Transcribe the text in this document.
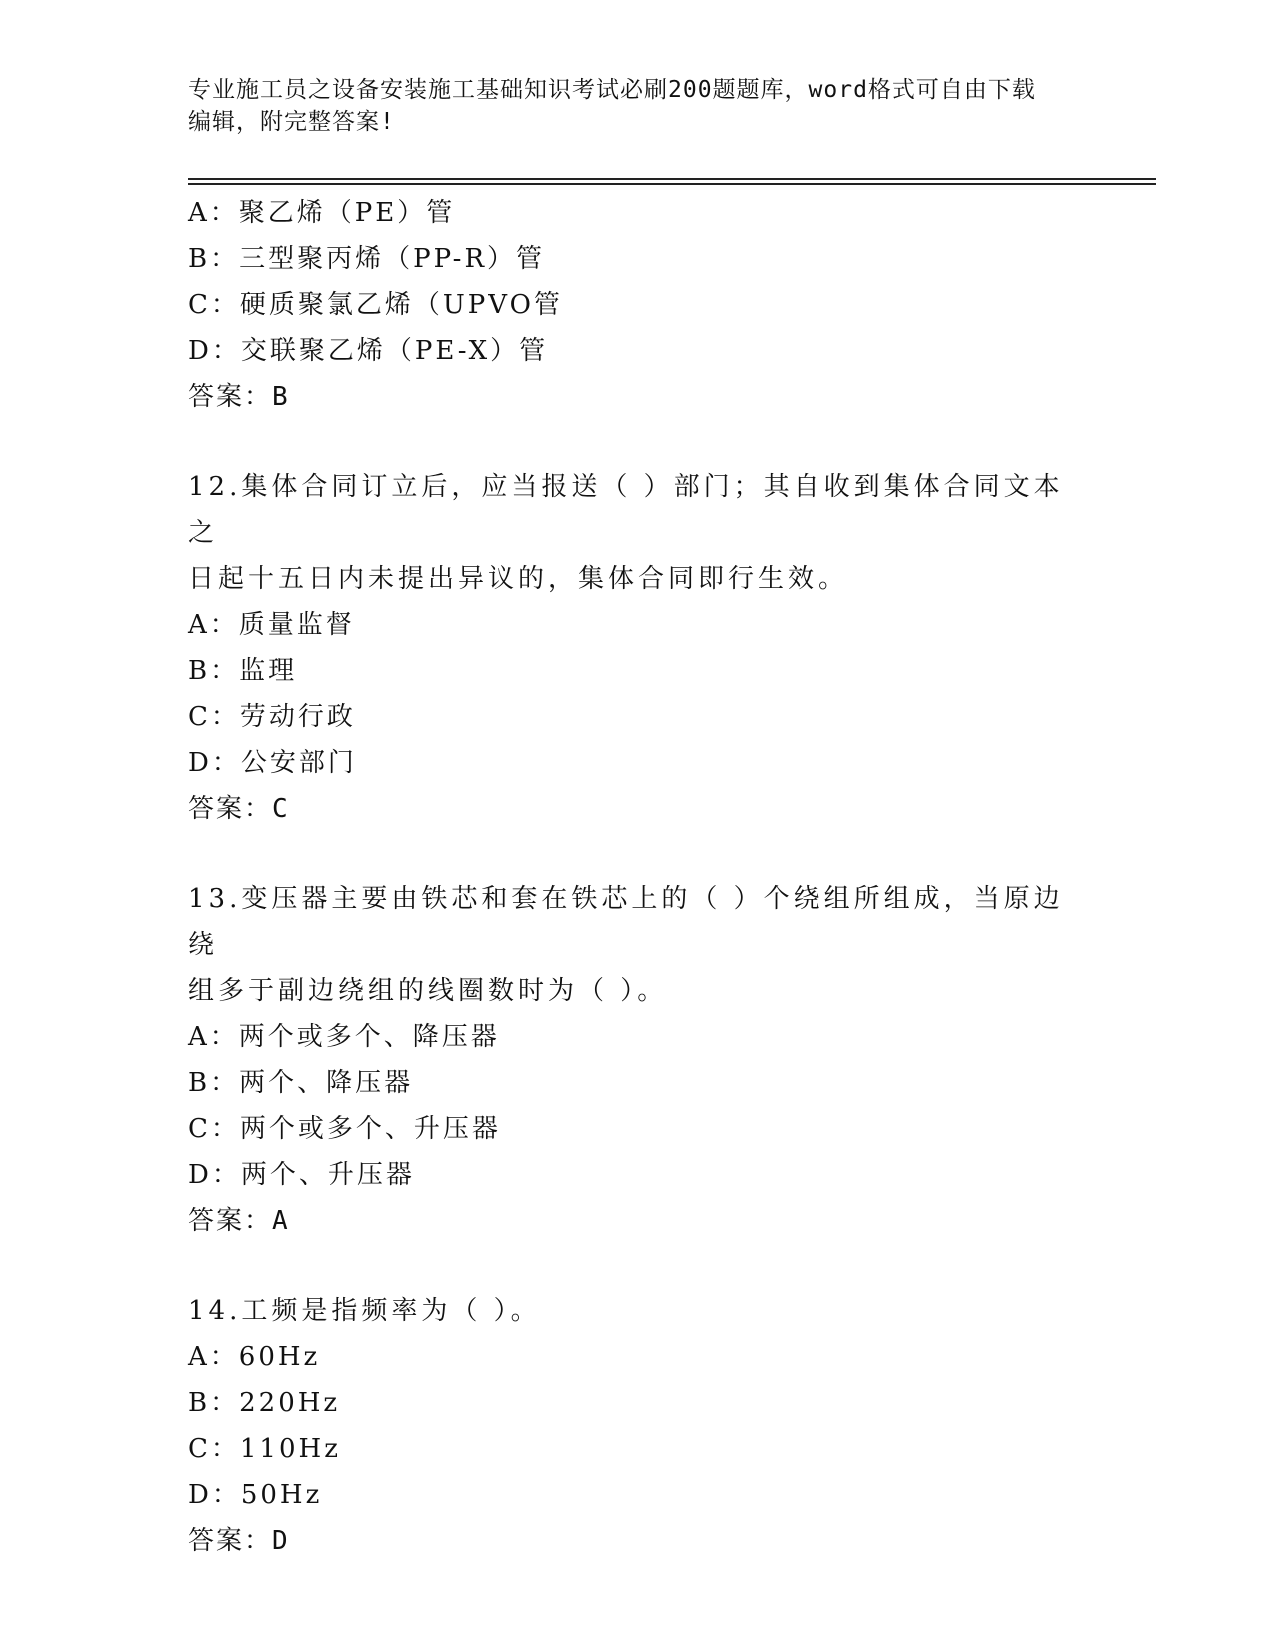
专业施工员之设备安装施工基础知识考试必刷200题题库，word格式可自由下载
编辑，附完整答案!
A：聚乙烯（PE）管
B：三型聚丙烯（PP-R）管
C：硬质聚氯乙烯（UPVO管
D：交联聚乙烯（PE-X）管
答案：B
12.集体合同订立后，应当报送（ ）部门；其自收到集体合同文本之
日起十五日内未提出异议的，集体合同即行生效。
A：质量监督
B：监理
C：劳动行政
D：公安部门
答案：C
13.变压器主要由铁芯和套在铁芯上的（ ）个绕组所组成，当原边绕
组多于副边绕组的线圈数时为（ ）。
A：两个或多个、降压器
B：两个、降压器
C：两个或多个、升压器
D：两个、升压器
答案：A
14.工频是指频率为（ ）。
A：60Hz
B：220Hz
C：110Hz
D：50Hz
答案：D
